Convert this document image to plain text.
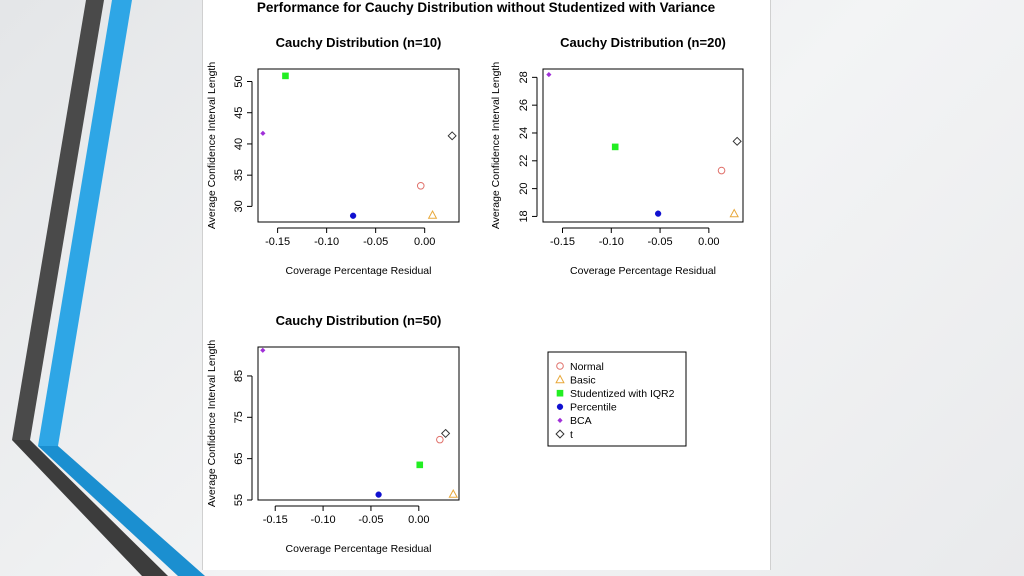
Performance for Cauchy Distribution without Studentized with Variance
Cauchy Distribution (n=10)
-0.15 -0.10 -0.05 0.00
30
35
40
45
50
Coverage Percentage Residual
Average Confidence Interval Length
Cauchy Distribution (n=20)
-0.15 -0.10 -0.05 0.00
18
20
22
24
26
28
Coverage Percentage Residual
Average Confidence Interval Length
Cauchy Distribution (n=50)
-0.15 -0.10 -0.05 0.00
55
65
75
85
Coverage Percentage Residual
Average Confidence Interval Length	Normal
Basic
Studentized with IQR2
Percentile
BCA
t
